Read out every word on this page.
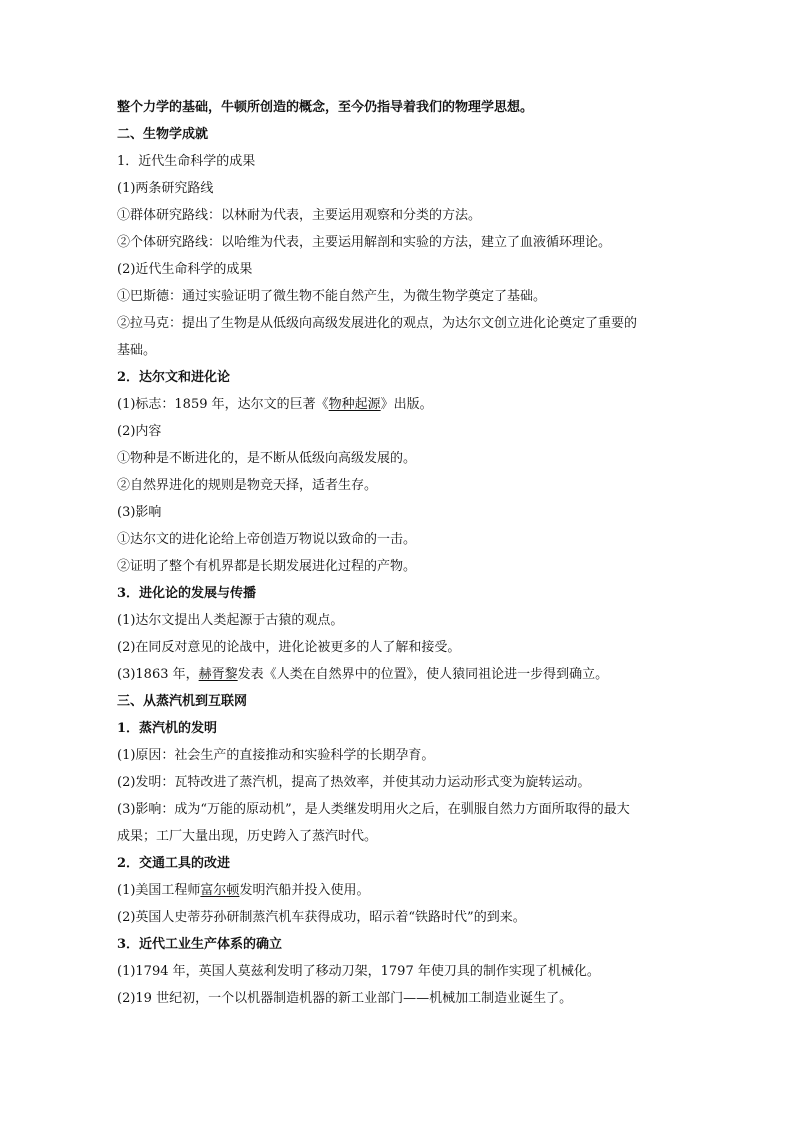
整个力学的基础，牛顿所创造的概念，至今仍指导着我们的物理学思想。
二、生物学成就
1．近代生命科学的成果
(1)两条研究路线
①群体研究路线：以林耐为代表，主要运用观察和分类的方法。
②个体研究路线：以哈维为代表，主要运用解剖和实验的方法，建立了血液循环理论。
(2)近代生命科学的成果
①巴斯德：通过实验证明了微生物不能自然产生，为微生物学奠定了基础。
②拉马克：提出了生物是从低级向高级发展进化的观点，为达尔文创立进化论奠定了重要的
基础。
2．达尔文和进化论
(1)标志：1859 年，达尔文的巨著《物种起源》出版。
(2)内容
①物种是不断进化的，是不断从低级向高级发展的。
②自然界进化的规则是物竞天择，适者生存。
(3)影响
①达尔文的进化论给上帝创造万物说以致命的一击。
②证明了整个有机界都是长期发展进化过程的产物。
3．进化论的发展与传播
(1)达尔文提出人类起源于古猿的观点。
(2)在同反对意见的论战中，进化论被更多的人了解和接受。
(3)1863 年，赫胥黎发表《人类在自然界中的位置》，使人猿同祖论进一步得到确立。
三、从蒸汽机到互联网
1．蒸汽机的发明
(1)原因：社会生产的直接推动和实验科学的长期孕育。
(2)发明：瓦特改进了蒸汽机，提高了热效率，并使其动力运动形式变为旋转运动。
(3)影响：成为“万能的原动机”，是人类继发明用火之后，在驯服自然力方面所取得的最大
成果；工厂大量出现，历史跨入了蒸汽时代。
2．交通工具的改进
(1)美国工程师富尔顿发明汽船并投入使用。
(2)英国人史蒂芬孙研制蒸汽机车获得成功，昭示着“铁路时代”的到来。
3．近代工业生产体系的确立
(1)1794 年，英国人莫兹利发明了移动刀架，1797 年使刀具的制作实现了机械化。
(2)19 世纪初，一个以机器制造机器的新工业部门——机械加工制造业诞生了。
